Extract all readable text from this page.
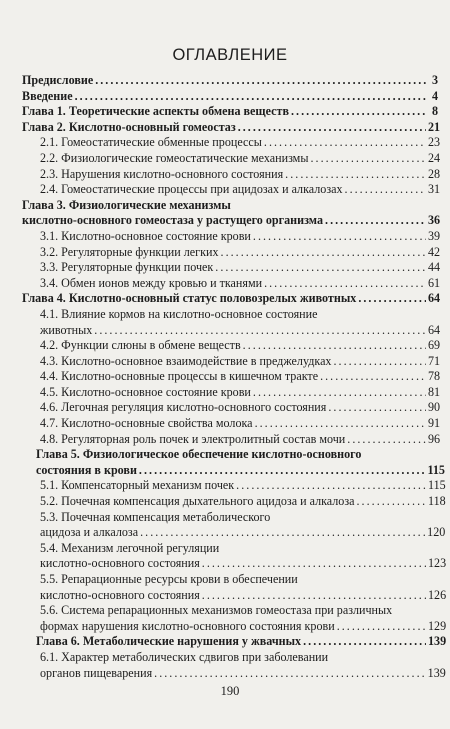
ОГЛАВЛЕНИЕ
Предисловие . . .	3
Введение . . .	4
Глава 1. Теоретические аспекты обмена веществ . . .	8
Глава 2. Кислотно-основный гомеостаз . . .	21
2.1. Гомеостатические обменные процессы . . .	23
2.2. Физиологические гомеостатические механизмы . . .	24
2.3. Нарушения кислотно-основного состояния . . .	28
2.4. Гомеостатические процессы при ацидозах и алкалозах . . .	31
Глава 3. Физиологические механизмы
кислотно-основного гомеостаза у растущего организма . . .	36
3.1. Кислотно-основное состояние крови . . .	39
3.2. Регуляторные функции легких . . .	42
3.3. Регуляторные функции почек . . .	44
3.4. Обмен ионов между кровью и тканями . . .	61
Глава 4. Кислотно-основный статус половозрелых животных . . .	64
4.1. Влияние кормов на кислотно-основное состояние
животных . . .	64
4.2. Функции слюны в обмене веществ . . .	69
4.3. Кислотно-основное взаимодействие в преджелудках . . .	71
4.4. Кислотно-основные процессы в кишечном тракте . . .	78
4.5. Кислотно-основное состояние крови . . .	81
4.6. Легочная регуляция кислотно-основного состояния . . .	90
4.7. Кислотно-основные свойства молока . . .	91
4.8. Регуляторная роль почек и электролитный состав мочи . . .	96
Глава 5. Физиологическое обеспечение кислотно-основного
состояния в крови . . .	115
5.1. Компенсаторный механизм почек . . .	115
5.2. Почечная компенсация дыхательного ацидоза и алкалоза . . .	118
5.3. Почечная компенсация метаболического
ацидоза и алкалоза . . .	120
5.4. Механизм легочной регуляции
кислотно-основного состояния . . .	123
5.5. Репарационные ресурсы крови в обеспечении
кислотно-основного состояния . . .	126
5.6. Система репарационных механизмов гомеостаза при различных
формах нарушения кислотно-основного состояния крови . . .	129
Глава 6. Метаболические нарушения у жвачных . . .	139
6.1. Характер метаболических сдвигов при заболевании
органов пищеварения . . .	139
190
